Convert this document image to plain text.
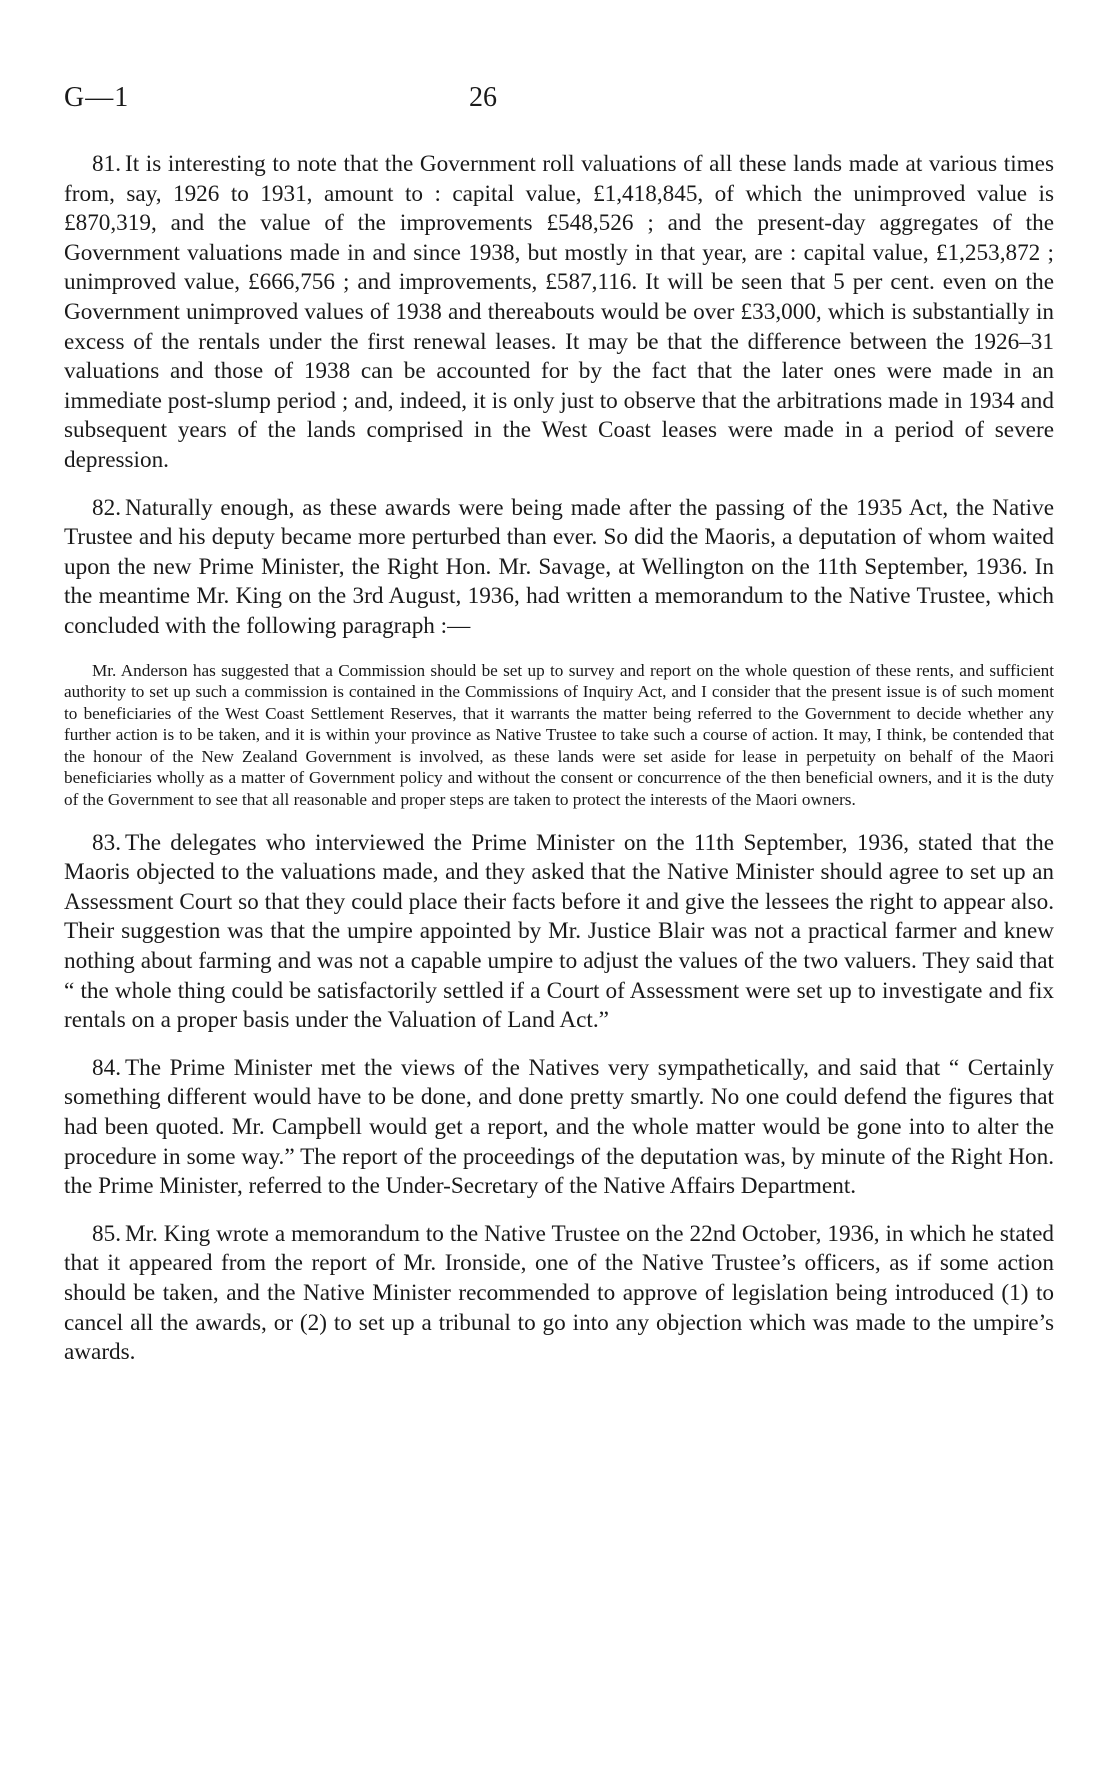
G—1	26

81. It is interesting to note that the Government roll valuations of all these lands made at various times from, say, 1926 to 1931, amount to : capital value, £1,418,845, of which the unimproved value is £870,319, and the value of the improvements £548,526 ; and the present-day aggregates of the Government valuations made in and since 1938, but mostly in that year, are : capital value, £1,253,872 ; unimproved value, £666,756 ; and improvements, £587,116. It will be seen that 5 per cent. even on the Government unimproved values of 1938 and thereabouts would be over £33,000, which is substantially in excess of the rentals under the first renewal leases. It may be that the difference between the 1926–31 valuations and those of 1938 can be accounted for by the fact that the later ones were made in an immediate post-slump period ; and, indeed, it is only just to observe that the arbitrations made in 1934 and subsequent years of the lands comprised in the West Coast leases were made in a period of severe depression.

82. Naturally enough, as these awards were being made after the passing of the 1935 Act, the Native Trustee and his deputy became more perturbed than ever. So did the Maoris, a deputation of whom waited upon the new Prime Minister, the Right Hon. Mr. Savage, at Wellington on the 11th September, 1936. In the meantime Mr. King on the 3rd August, 1936, had written a memorandum to the Native Trustee, which concluded with the following paragraph :—

Mr. Anderson has suggested that a Commission should be set up to survey and report on the whole question of these rents, and sufficient authority to set up such a commission is contained in the Commissions of Inquiry Act, and I consider that the present issue is of such moment to beneficiaries of the West Coast Settlement Reserves, that it warrants the matter being referred to the Government to decide whether any further action is to be taken, and it is within your province as Native Trustee to take such a course of action. It may, I think, be contended that the honour of the New Zealand Government is involved, as these lands were set aside for lease in perpetuity on behalf of the Maori beneficiaries wholly as a matter of Government policy and without the consent or concurrence of the then beneficial owners, and it is the duty of the Government to see that all reasonable and proper steps are taken to protect the interests of the Maori owners.

83. The delegates who interviewed the Prime Minister on the 11th September, 1936, stated that the Maoris objected to the valuations made, and they asked that the Native Minister should agree to set up an Assessment Court so that they could place their facts before it and give the lessees the right to appear also. Their suggestion was that the umpire appointed by Mr. Justice Blair was not a practical farmer and knew nothing about farming and was not a capable umpire to adjust the values of the two valuers. They said that “ the whole thing could be satisfactorily settled if a Court of Assessment were set up to investigate and fix rentals on a proper basis under the Valuation of Land Act.”

84. The Prime Minister met the views of the Natives very sympathetically, and said that “ Certainly something different would have to be done, and done pretty smartly. No one could defend the figures that had been quoted. Mr. Campbell would get a report, and the whole matter would be gone into to alter the procedure in some way.” The report of the proceedings of the deputation was, by minute of the Right Hon. the Prime Minister, referred to the Under-Secretary of the Native Affairs Department.

85. Mr. King wrote a memorandum to the Native Trustee on the 22nd October, 1936, in which he stated that it appeared from the report of Mr. Ironside, one of the Native Trustee’s officers, as if some action should be taken, and the Native Minister recommended to approve of legislation being introduced (1) to cancel all the awards, or (2) to set up a tribunal to go into any objection which was made to the umpire’s awards.
